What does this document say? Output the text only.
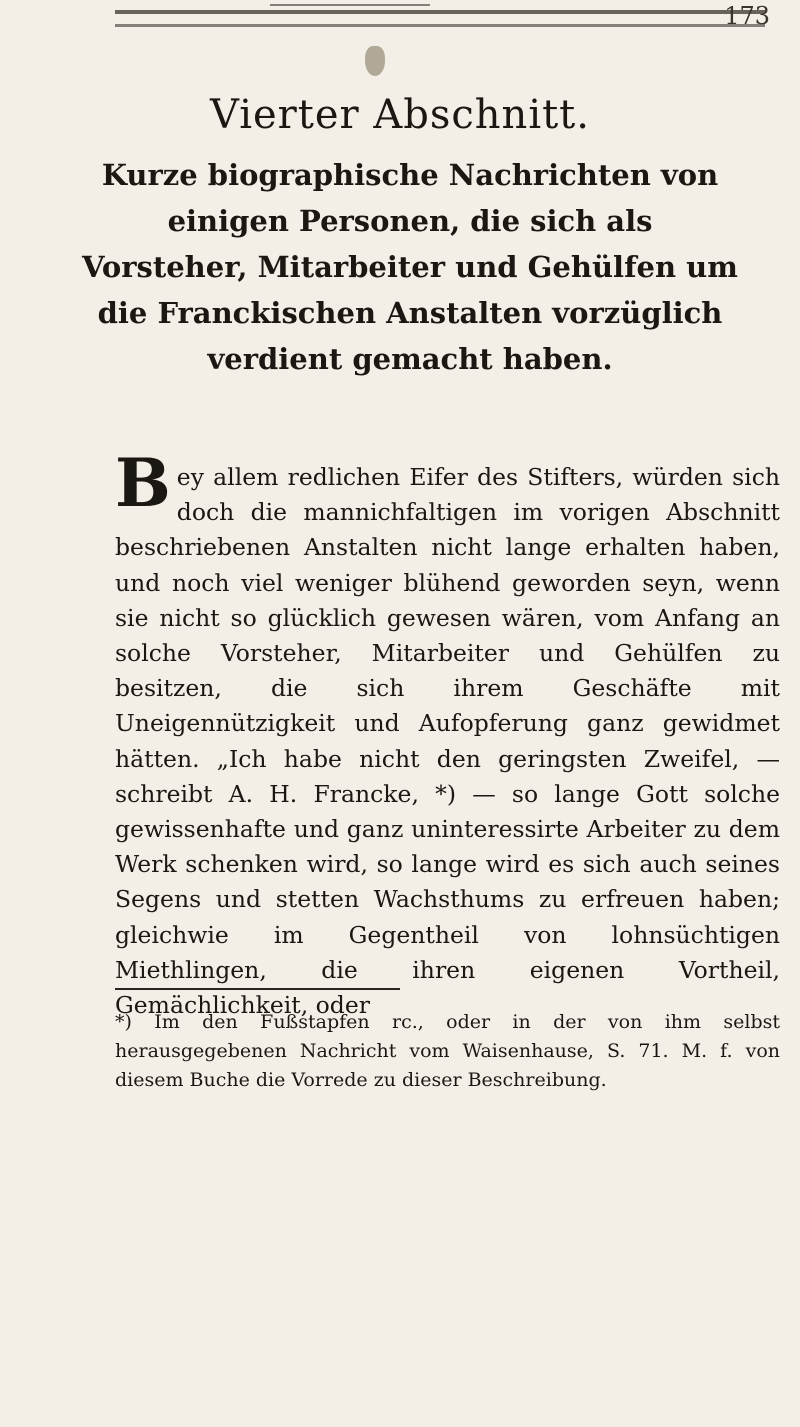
173
Vierter Abschnitt.
Kurze biographische Nachrichten von einigen Personen, die sich als Vorsteher, Mitarbeiter und Gehülfen um die Franckischen Anstalten vorzüglich verdient gemacht haben.
Bey allem redlichen Eifer des Stifters, würden sich doch die mannichfaltigen im vorigen Abschnitt beschriebenen Anstalten nicht lange erhalten haben, und noch viel weniger blühend geworden seyn, wenn sie nicht so glücklich gewesen wären, vom Anfang an solche Vorsteher, Mitarbeiter und Gehülfen zu besitzen, die sich ihrem Geschäfte mit Uneigennützigkeit und Aufopferung ganz gewidmet hätten. „Ich habe nicht den geringsten Zweifel, — schreibt A. H. Francke, *) — so lange Gott solche gewissenhafte und ganz uninteressirte Arbeiter zu dem Werk schenken wird, so lange wird es sich auch seines Segens und stetten Wachsthums zu erfreuen haben; gleichwie im Gegentheil von lohnsüchtigen Miethlingen, die ihren eigenen Vortheil, Gemächlichkeit, oder
*) Im den Fußstapfen rc., oder in der von ihm selbst herausgegebenen Nachricht vom Waisenhause, S. 71. M. f. von diesem Buche die Vorrede zu dieser Beschreibung.
